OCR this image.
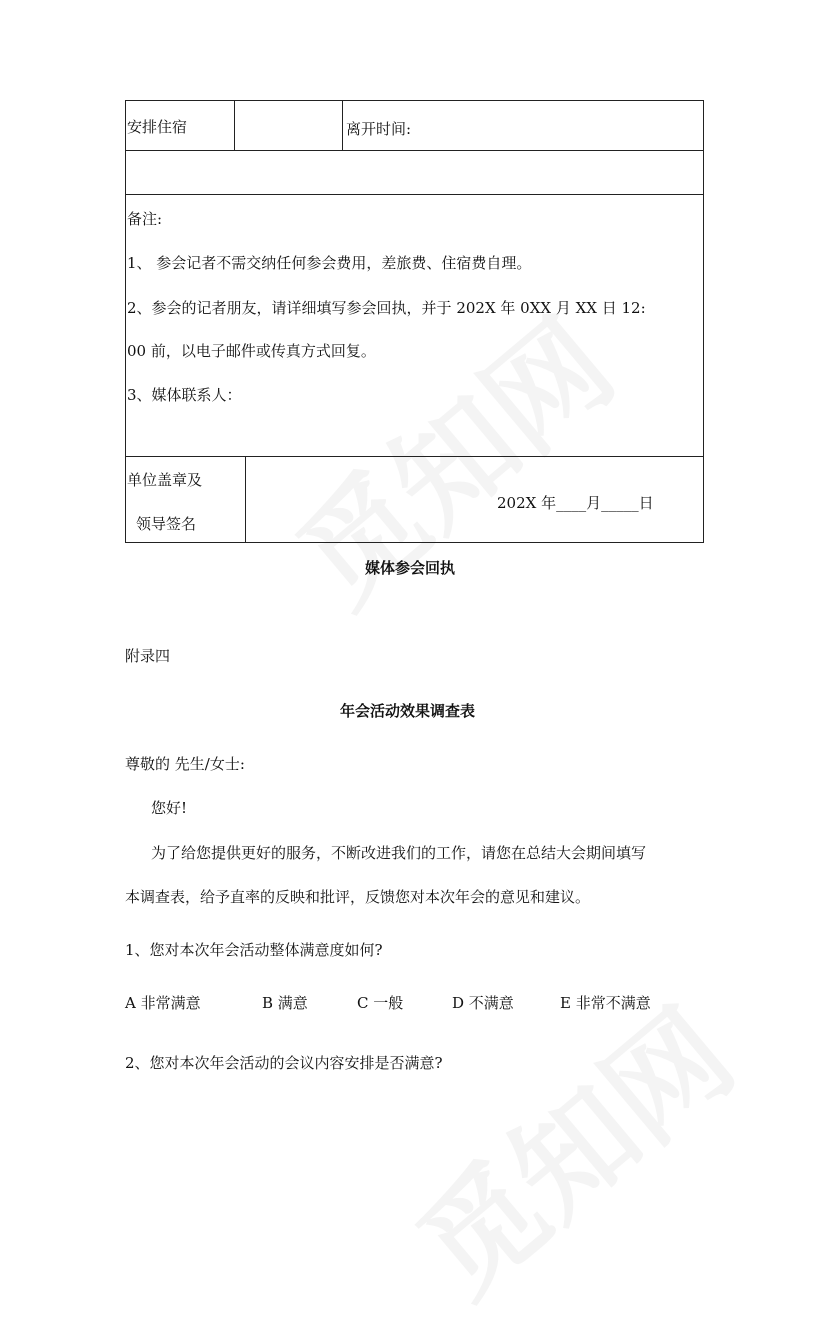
安排住宿	离开时间:
备注:
1、 参会记者不需交纳任何参会费用，差旅费、住宿费自理。
2、参会的记者朋友，请详细填写参会回执，并于 202X 年 0XX 月 XX 日 12:
00 前，以电子邮件或传真方式回复。
3、媒体联系人：
单位盖章及
领导签名
202X 年____月_____日
媒体参会回执
附录四
年会活动效果调查表
尊敬的 先生/女士:
您好!
为了给您提供更好的服务，不断改进我们的工作，请您在总结大会期间填写
本调查表，给予直率的反映和批评，反馈您对本次年会的意见和建议。
1、您对本次年会活动整体满意度如何?
A 非常满意	B 满意	C 一般	D 不满意	E 非常不满意
2、您对本次年会活动的会议内容安排是否满意?
